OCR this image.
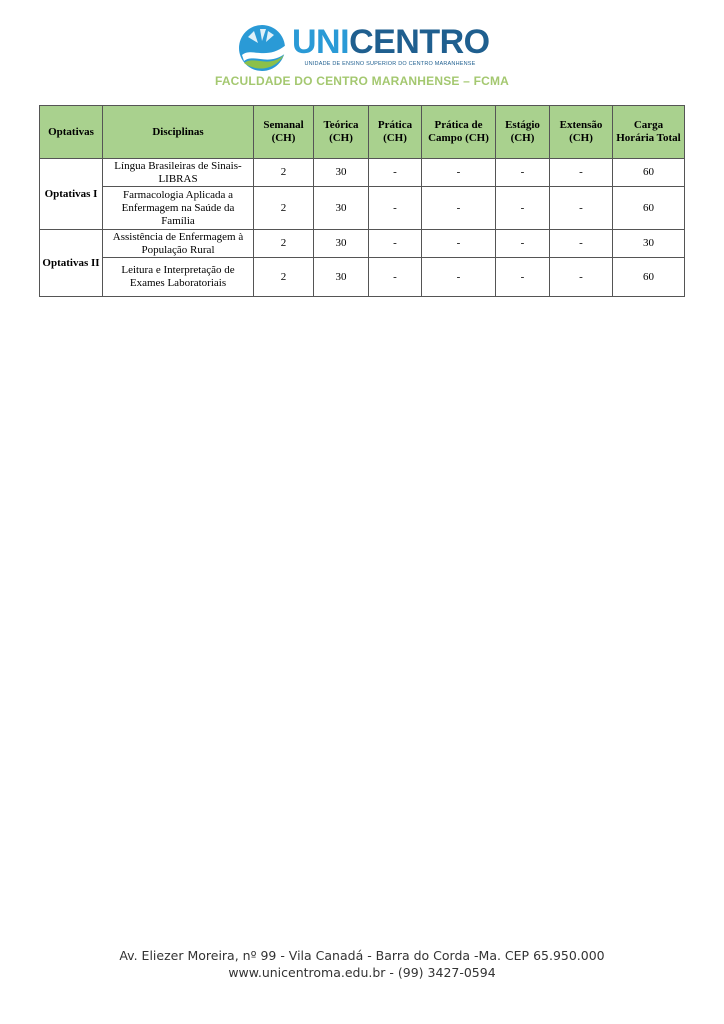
UNICENTRO
UNIDADE DE ENSINO SUPERIOR DO CENTRO MARANHENSE
FACULDADE DO CENTRO MARANHENSE – FCMA
Optativas	Disciplinas	Semanal (CH)	Teórica (CH)	Prática (CH)	Prática de Campo (CH)	Estágio (CH)	Extensão (CH)	Carga Horária Total
Optativas I	Língua Brasileiras de Sinais-LIBRAS	2	30	-	-	-	-	60
	Farmacologia Aplicada a Enfermagem na Saúde da Família	2	30	-	-	-	-	60
Optativas II	Assistência de Enfermagem à População Rural	2	30	-	-	-	-	30
	Leitura e Interpretação de Exames Laboratoriais	2	30	-	-	-	-	60
Av. Eliezer Moreira, nº 99 - Vila Canadá - Barra do Corda -Ma. CEP 65.950.000
www.unicentroma.edu.br - (99) 3427-0594
